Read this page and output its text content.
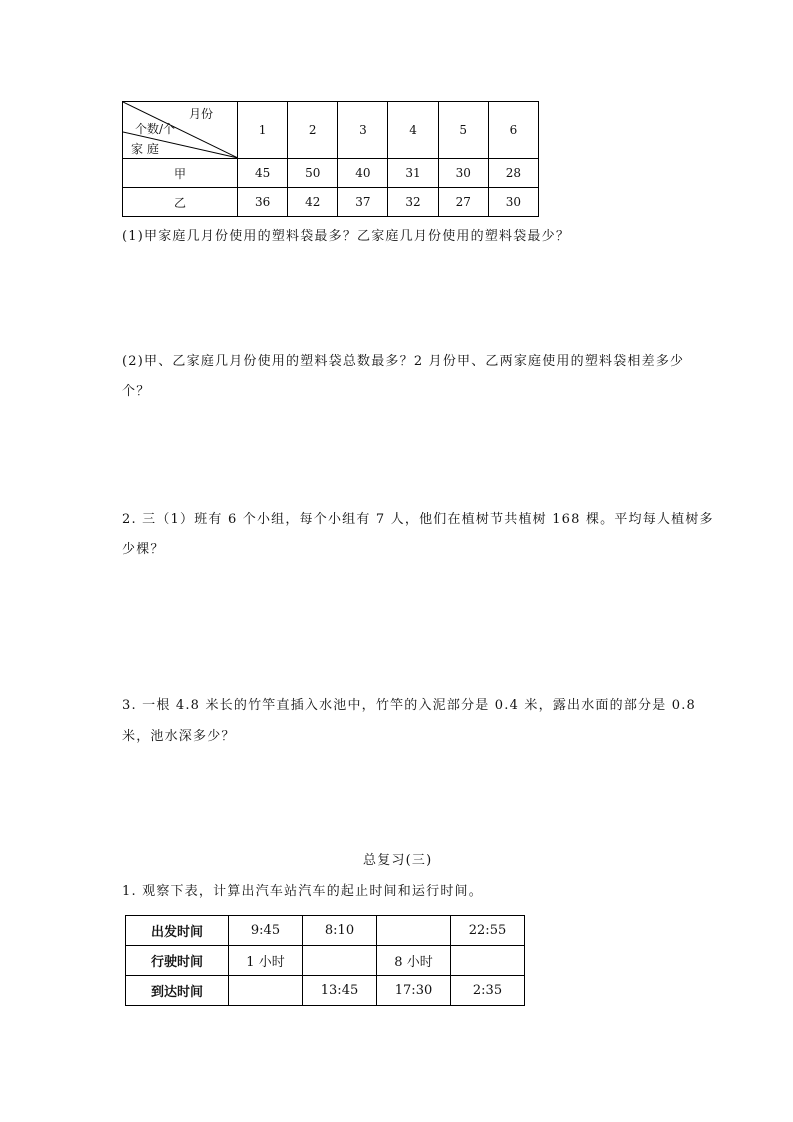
月份
个数/个
家 庭	1	2	3	4	5	6
甲	45	50	40	31	30	28
乙	36	42	37	32	27	30
(1)甲家庭几月份使用的塑料袋最多？乙家庭几月份使用的塑料袋最少？
(2)甲、乙家庭几月份使用的塑料袋总数最多？2 月份甲、乙两家庭使用的塑料袋相差多少
个？
2. 三（1）班有 6 个小组，每个小组有 7 人，他们在植树节共植树 168 棵。平均每人植树多
少棵？
3. 一根 4.8 米长的竹竿直插入水池中，竹竿的入泥部分是 0.4 米，露出水面的部分是 0.8
米，池水深多少？
总复习(三)
1. 观察下表，计算出汽车站汽车的起止时间和运行时间。
出发时间	9:45	8:10		22:55
行驶时间	1 小时		8 小时	
到达时间		13:45	17:30	2:35
